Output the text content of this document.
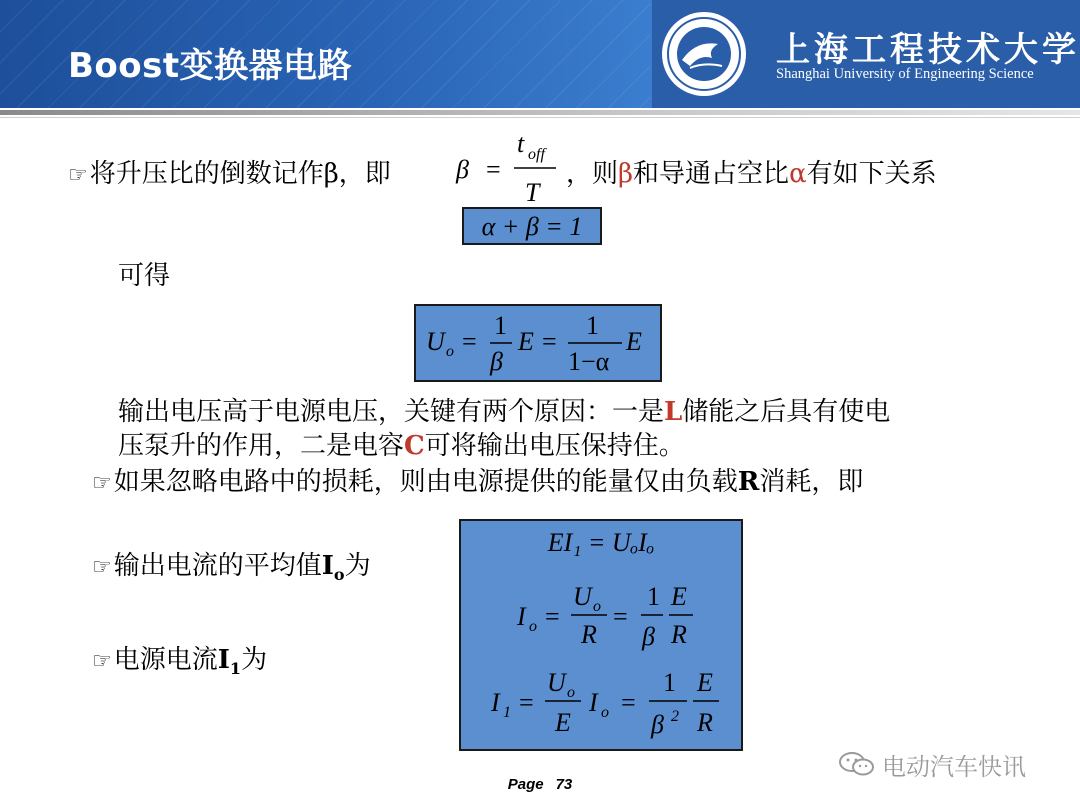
Boost变换器电路	上海工程技术大学
Shanghai University of Engineering Science
☞将升压比的倒数记作β，即	β =
t off
T
，则β和导通占空比α有如下关系
α + β = 1
可得
U o =
1
β
E =
1
1−α
E
输出电压高于电源电压，关键有两个原因：一是L储能之后具有使电
压泵升的作用，二是电容C可将输出电压保持住。
☞如果忽略电路中的损耗，则由电源提供的能量仅由负载R消耗，即
☞输出电流的平均值$I_o$为
☞电源电流$I_1$为
EI₁ = UₒIₒ
I o =
U o
R
=
1
β
E
R
I 1 =
U o
E
I o =
1
β 2
E
R
Page 73
电动汽车快讯
